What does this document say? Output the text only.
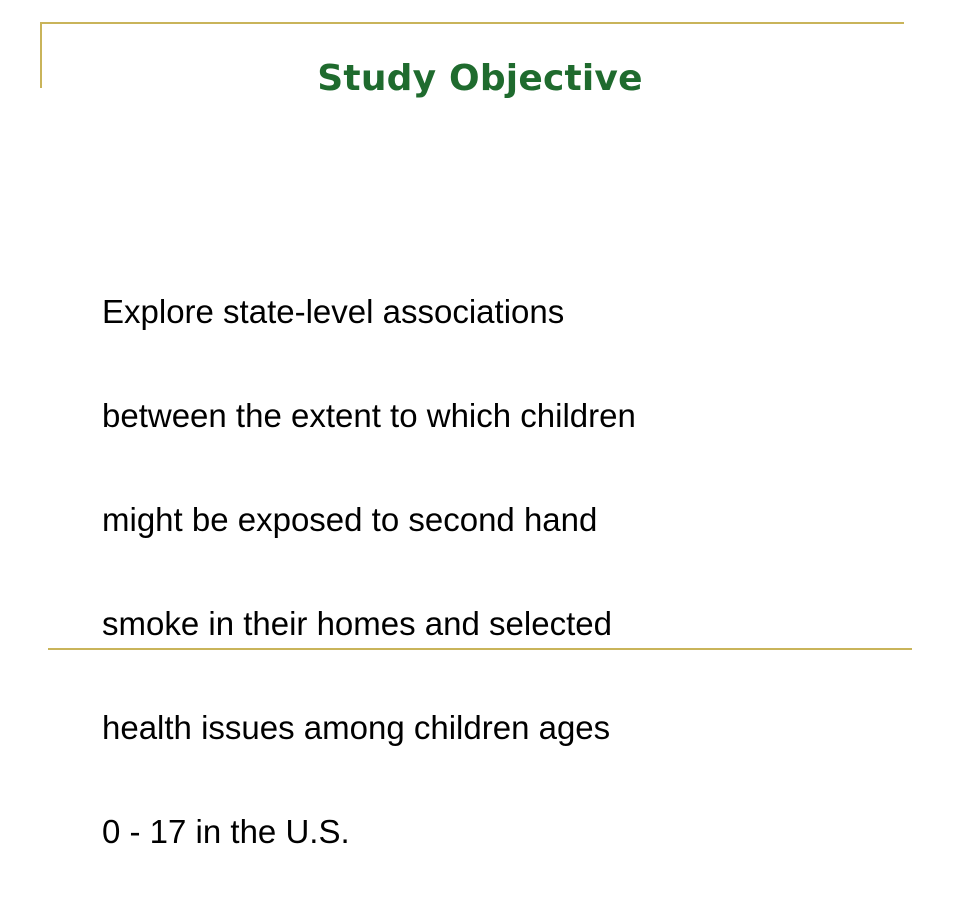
Study Objective

Explore state-level associations

between the extent to which children

might be exposed to second hand

smoke in their homes and selected

health issues among children ages

0 - 17 in the U.S.
